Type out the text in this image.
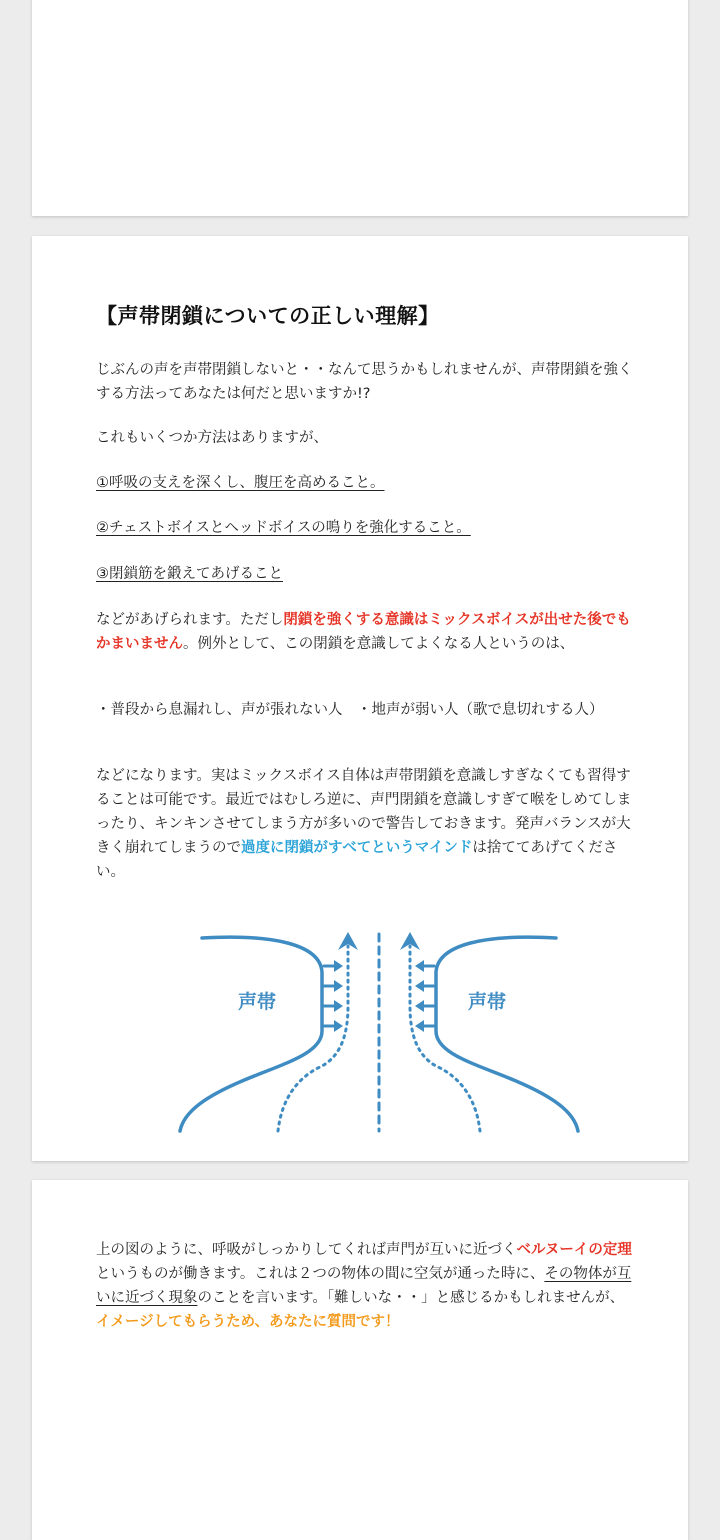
【声帯閉鎖についての正しい理解】

じぶんの声を声帯閉鎖しないと・・なんて思うかもしれませんが、声帯閉鎖を強くする方法ってあなたは何だと思いますか!?

これもいくつか方法はありますが、

①呼吸の支えを深くし、腹圧を高めること。
②チェストボイスとヘッドボイスの鳴りを強化すること。
③閉鎖筋を鍛えてあげること

などがあげられます。ただし閉鎖を強くする意識はミックスボイスが出せた後でもかまいません。例外として、この閉鎖を意識してよくなる人というのは、

・普段から息漏れし、声が張れない人　・地声が弱い人（歌で息切れする人）

などになります。実はミックスボイス自体は声帯閉鎖を意識しすぎなくても習得することは可能です。最近ではむしろ逆に、声門閉鎖を意識しすぎて喉をしめてしまったり、キンキンさせてしまう方が多いので警告しておきます。発声バランスが大きく崩れてしまうので過度に閉鎖がすべてというマインドは捨ててあげてください。

声帯	声帯

上の図のように、呼吸がしっかりしてくれば声門が互いに近づくベルヌーイの定理というものが働きます。これは２つの物体の間に空気が通った時に、その物体が互いに近づく現象のことを言います。「難しいな・・」と感じるかもしれませんが、イメージしてもらうため、あなたに質問です！
